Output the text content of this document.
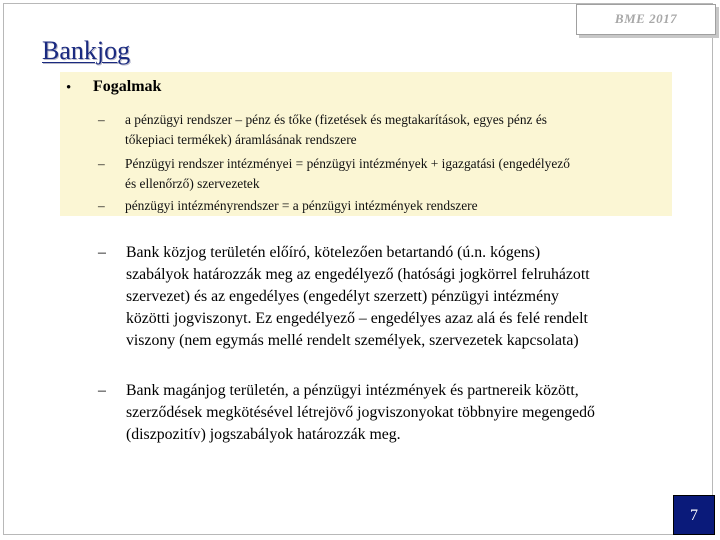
BME 2017
Bankjog
• Fogalmak
– a pénzügyi rendszer – pénz és tőke (fizetések és megtakarítások, egyes pénz és
tőkepiaci termékek) áramlásának rendszere
– Pénzügyi rendszer intézményei = pénzügyi intézmények + igazgatási (engedélyező
és ellenőrző) szervezetek
– pénzügyi intézményrendszer = a pénzügyi intézmények rendszere
– Bank közjog területén előíró, kötelezően betartandó (ú.n. kógens)
szabályok határozzák meg az engedélyező (hatósági jogkörrel felruházott
szervezet) és az engedélyes (engedélyt szerzett) pénzügyi intézmény
közötti jogviszonyt. Ez engedélyező – engedélyes azaz alá és felé rendelt
viszony (nem egymás mellé rendelt személyek, szervezetek kapcsolata)
– Bank magánjog területén, a pénzügyi intézmények és partnereik között,
szerződések megkötésével létrejövő jogviszonyokat többnyire megengedő
(diszpozitív) jogszabályok határozzák meg.
7
